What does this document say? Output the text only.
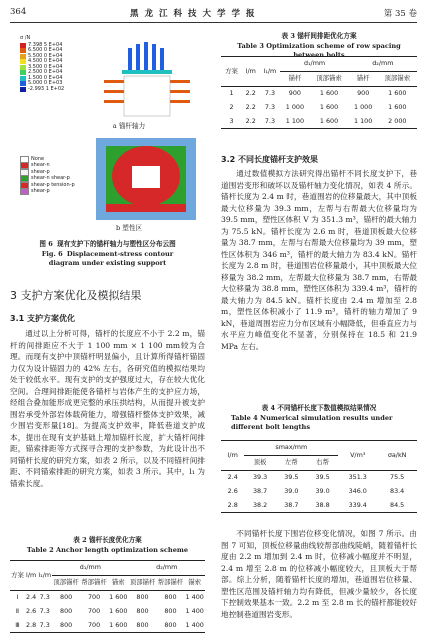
364	黑龙江科技大学学报	第 35 卷
σ /N
7.398 5 E+04
6.500 0 E+04
5.500 0 E+04
4.500 0 E+04
3.500 0 E+04
2.500 0 E+04
1.500 0 E+04
5.000 0 E+03
-2.993 1 E+02
a 锚杆轴力
None
shear-n
shear-p
shear-n shear-p
shear-p tension-p
shear-p
b 塑性区
图 6 现有支护下的锚杆轴力与塑性区分布云图
Fig. 6 Displacement-stress contour diagram under existing support
3 支护方案优化及模拟结果
3.1 支护方案优化

通过以上分析可得，锚杆的长度应不小于 2.2 m，锚杆的间排距应不大于 1 100 mm × 1 100 mm较为合理。而现有支护中顶锚杆明显偏小，且计算所得锚杆锚固力仅为设计锚固力的 42% 左右，各研究值的模拟结果均处于较低水平。现有支护的支护强度过大，存在较大优化空间。合理间排距能使各锚杆与岩体产生的支护应力场，经组合叠加能形成更完整的承压拱结构，从而提升被支护围岩承受外部岩体载荷能力，增强锚杆整体支护效果，减少围岩变形量[18]。为提高支护效率，降低巷道支护成本，提出在现有支护基础上增加锚杆长度，扩大锚杆间排距，锚索排距等方式探寻合理的支护参数，为此设计出不同锚杆长度的研究方案，如表 2 所示，以及不同锚杆间排距、不同锚索排距的研究方案，如表 3 所示。其中，l₁ 为锚索长度。

表 2 锚杆长度优化方案
Table 2 Anchor length optimization scheme
方案	l/m	l₁/m	d₁/mm			d₂/mm		
			顶部锚杆	帮部锚杆	锚索	顶部锚杆	帮部锚杆	锚索
Ⅰ	2.4	7.3	800	700	1 600	800	800	1 400
Ⅱ	2.6	7.3	800	700	1 600	800	800	1 400
Ⅲ	2.8	7.3	800	700	1 600	800	800	1 400
表 3 锚杆间排距优化方案
Table 3 Optimization scheme of row spacing between bolts
方案	l/m	l₁/m	d₁/mm		d₂/mm	
			锚杆	顶部锚索	锚杆	顶部锚索
1	2.2	7.3	900	1 600	900	1 600
2	2.2	7.3	1 000	1 600	1 000	1 600
3	2.2	7.3	1 100	1 600	1 100	2 000
3.2 不同长度锚杆支护效果

通过数值模拟方法研究得出锚杆不同长度支护下，巷道围岩变形和破坏以及锚杆轴力变化情况，如表 4 所示。锚杆长度为 2.4 m 时，巷道围岩的位移量最大，其中顶板最大位移量为 39.3 mm，左帮与右帮最大位移量均为 39.5 mm，塑性区体积 V 为 351.3 m³，锚杆的最大轴力为 75.5 kN。锚杆长度为 2.6 m 时，巷道顶板最大位移量为 38.7 mm，左帮与右帮最大位移量均为 39 mm，塑性区体积为 346 m³，锚杆的最大轴力为 83.4 kN。锚杆长度为 2.8 m 时，巷道围岩位移量最小，其中顶板最大位移量为 38.2 mm，左帮最大位移量为 38.7 mm，右帮最大位移量为 38.8 mm，塑性区体积为 339.4 m³，锚杆的最大轴力为 84.5 kN。锚杆长度由 2.4 m 增加至 2.8 m，塑性区体积减小了 11.9 m³，锚杆的轴力增加了 9 kN，巷道周围岩应力分布区域有小幅降低，但垂直应力与水平应力峰值变化不显著，分别保持在 18.5 和 21.9 MPa 左右。

表 4 不同锚杆长度下数值模拟结果情况
Table 4 Numerical simulation results under different bolt lengths
l/m	smax/mm			V/m³	σa/kN
	顶板	左帮	右帮		
2.4	39.3	39.5	39.5	351.3	75.5
2.6	38.7	39.0	39.0	346.0	83.4
2.8	38.2	38.7	38.8	339.4	84.5

不同锚杆长度下围岩位移变化情况，如图 7 所示。由图 7 可知，顶板位移量曲线较帮部曲线陡峭，随着锚杆长度由 2.2 m 增加到 2.4 m 时，位移减小幅度并不明显，2.4 m 增至 2.8 m 的位移减小幅度较大，且顶板大于帮部。综上分析，随着锚杆长度的增加，巷道围岩位移量、塑性区范围及锚杆轴力均有降低，但减少量较少，各长度下控制效果基本一致。2.2 m 至 2.8 m 长的锚杆都能较好地控制巷道围岩变形。
